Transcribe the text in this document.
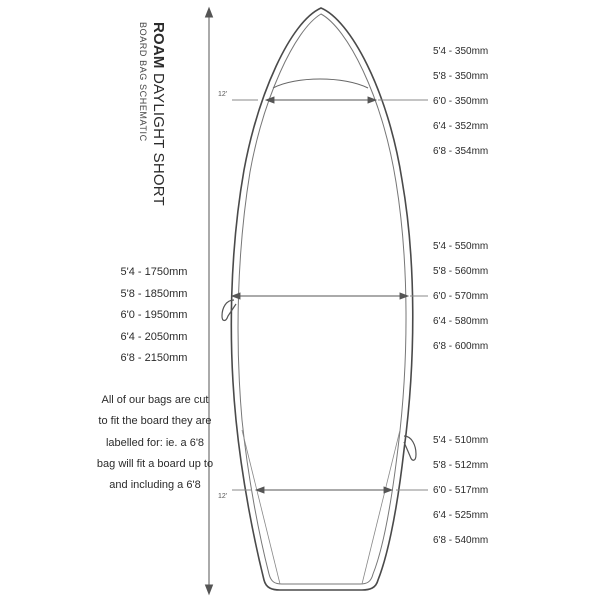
12'
12'
ROAM DAYLIGHT SHORT
BOARD BAG SCHEMATIC
5'4 - 1750mm
5'8 - 1850mm
6'0 - 1950mm
6'4 - 2050mm
6'8 - 2150mm
All of our bags are cut to fit the board they are labelled for: ie. a 6'8 bag will fit a board up to and including a 6'8
5'4 - 350mm
5'8 - 350mm
6'0 - 350mm
6'4 - 352mm
6'8 - 354mm
5'4 - 550mm
5'8 - 560mm
6'0 - 570mm
6'4 - 580mm
6'8 - 600mm
5'4 - 510mm
5'8 - 512mm
6'0 - 517mm
6'4 - 525mm
6'8 - 540mm
